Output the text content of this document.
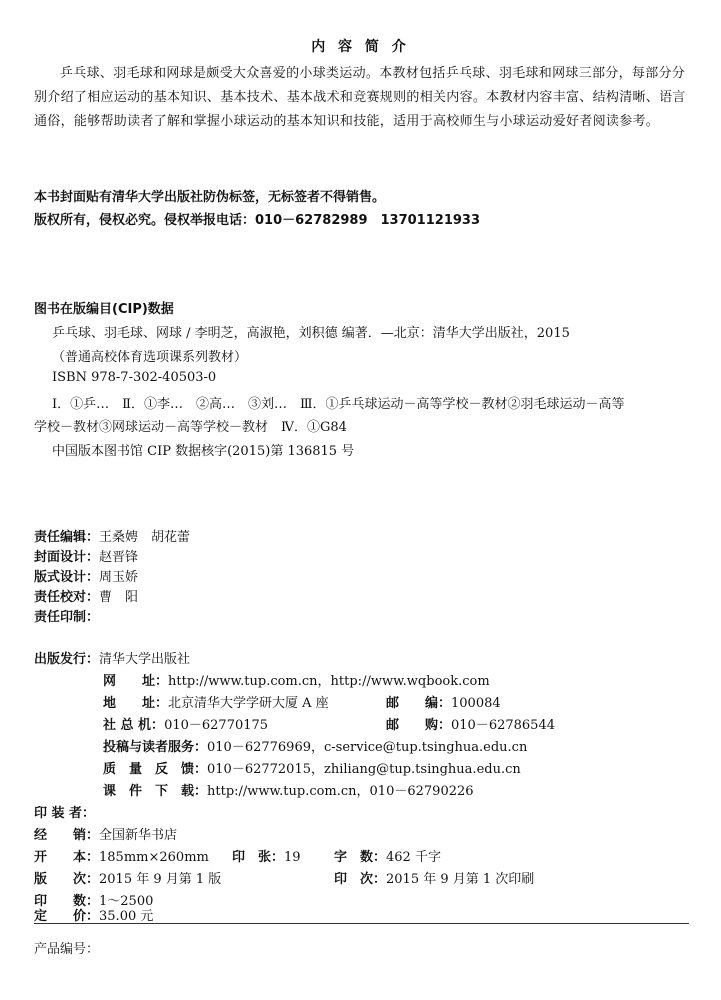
内 容 简 介
乒乓球、羽毛球和网球是颇受大众喜爱的小球类运动。本教材包括乒乓球、羽毛球和网球三部分，每部分分别介绍了相应运动的基本知识、基本技术、基本战术和竞赛规则的相关内容。本教材内容丰富、结构清晰、语言通俗，能够帮助读者了解和掌握小球运动的基本知识和技能，适用于高校师生与小球运动爱好者阅读参考。
本书封面贴有清华大学出版社防伪标签，无标签者不得销售。
版权所有，侵权必究。侵权举报电话：010－62782989　13701121933
图书在版编目(CIP)数据
乒乓球、羽毛球、网球 / 李明芝，高淑艳，刘积德 编著．—北京：清华大学出版社，2015
（普通高校体育选项课系列教材）
ISBN 978-7-302-40503-0
Ⅰ．①乒…　Ⅱ．①李…　②高…　③刘…　Ⅲ．①乒乓球运动－高等学校－教材②羽毛球运动－高等
学校－教材③网球运动－高等学校－教材　Ⅳ．①G84
中国版本图书馆 CIP 数据核字(2015)第 136815 号
责任编辑：王桑娉　胡花蕾
封面设计：赵晋锋
版式设计：周玉娇
责任校对：曹　阳
责任印制：
出版发行：清华大学出版社
网　　址：http://www.tup.com.cn，http://www.wqbook.com
地　　址：北京清华大学学研大厦 A 座	邮　　编：100084
社 总 机：010－62770175	邮　　购：010－62786544
投稿与读者服务：010－62776969，c-service@tup.tsinghua.edu.cn
质　量　反　馈：010－62772015，zhiliang@tup.tsinghua.edu.cn
课　件　下　载：http://www.tup.com.cn，010－62790226
印 装 者：
经　　销：全国新华书店
开　　本：185mm×260mm 印　张：19	字　数：462 千字
版　　次：2015 年 9 月第 1 版	印　次：2015 年 9 月第 1 次印刷
印　　数：1～2500
定　　价：35.00 元
产品编号：
